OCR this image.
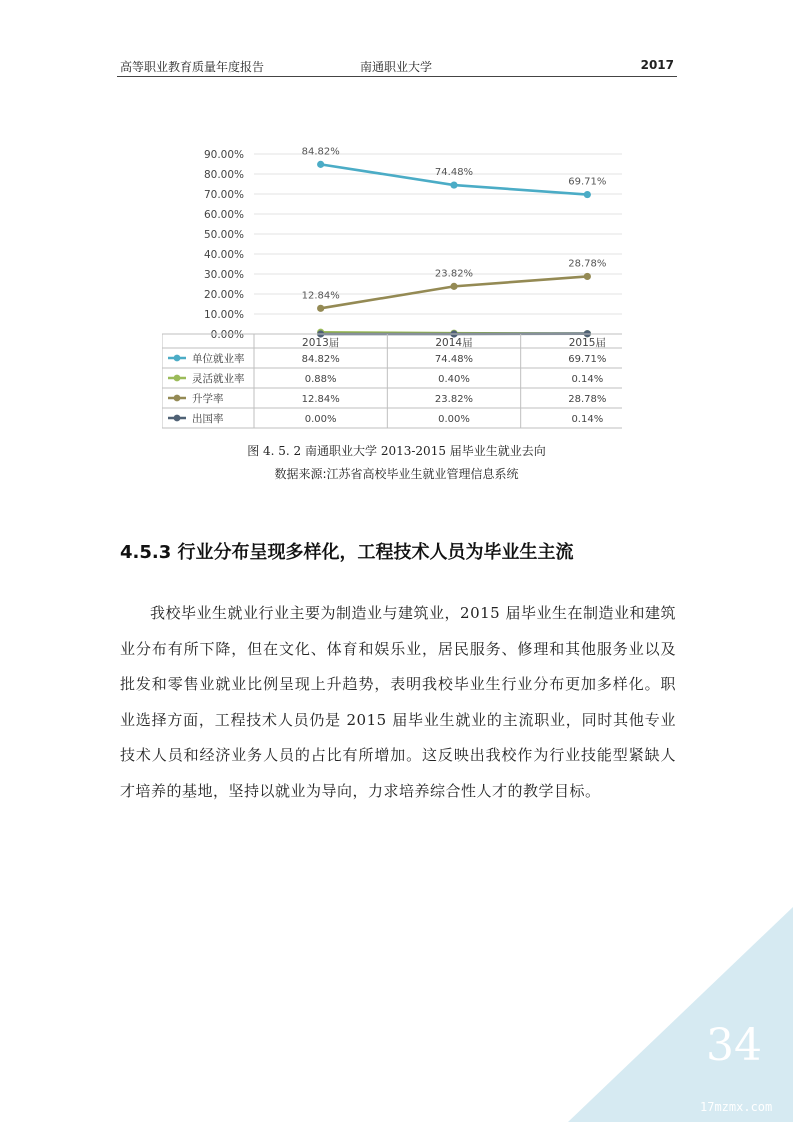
高等职业教育质量年度报告	南通职业大学	2017
0.00%
10.00%
20.00%
30.00%
40.00%
50.00%
60.00%
70.00%
80.00%
90.00%	84.82%
74.48%
69.71%
12.84%
23.82%
28.78%
2013届	2014届	2015届
单位就业率	84.82%	74.48%	69.71%
灵活就业率	0.88%	0.40%	0.14%
升学率	12.84%	23.82%	28.78%
出国率	0.00%	0.00%	0.14%
图 4. 5. 2 南通职业大学 2013-2015 届毕业生就业去向
数据来源:江苏省高校毕业生就业管理信息系统
4.5.3 行业分布呈现多样化，工程技术人员为毕业生主流
我校毕业生就业行业主要为制造业与建筑业，2015 届毕业生在制造业和建筑业分布有所下降，但在文化、体育和娱乐业，居民服务、修理和其他服务业以及批发和零售业就业比例呈现上升趋势，表明我校毕业生行业分布更加多样化。职业选择方面，工程技术人员仍是 2015 届毕业生就业的主流职业，同时其他专业技术人员和经济业务人员的占比有所增加。这反映出我校作为行业技能型紧缺人才培养的基地，坚持以就业为导向，力求培养综合性人才的教学目标。
34
17mzmx.com
